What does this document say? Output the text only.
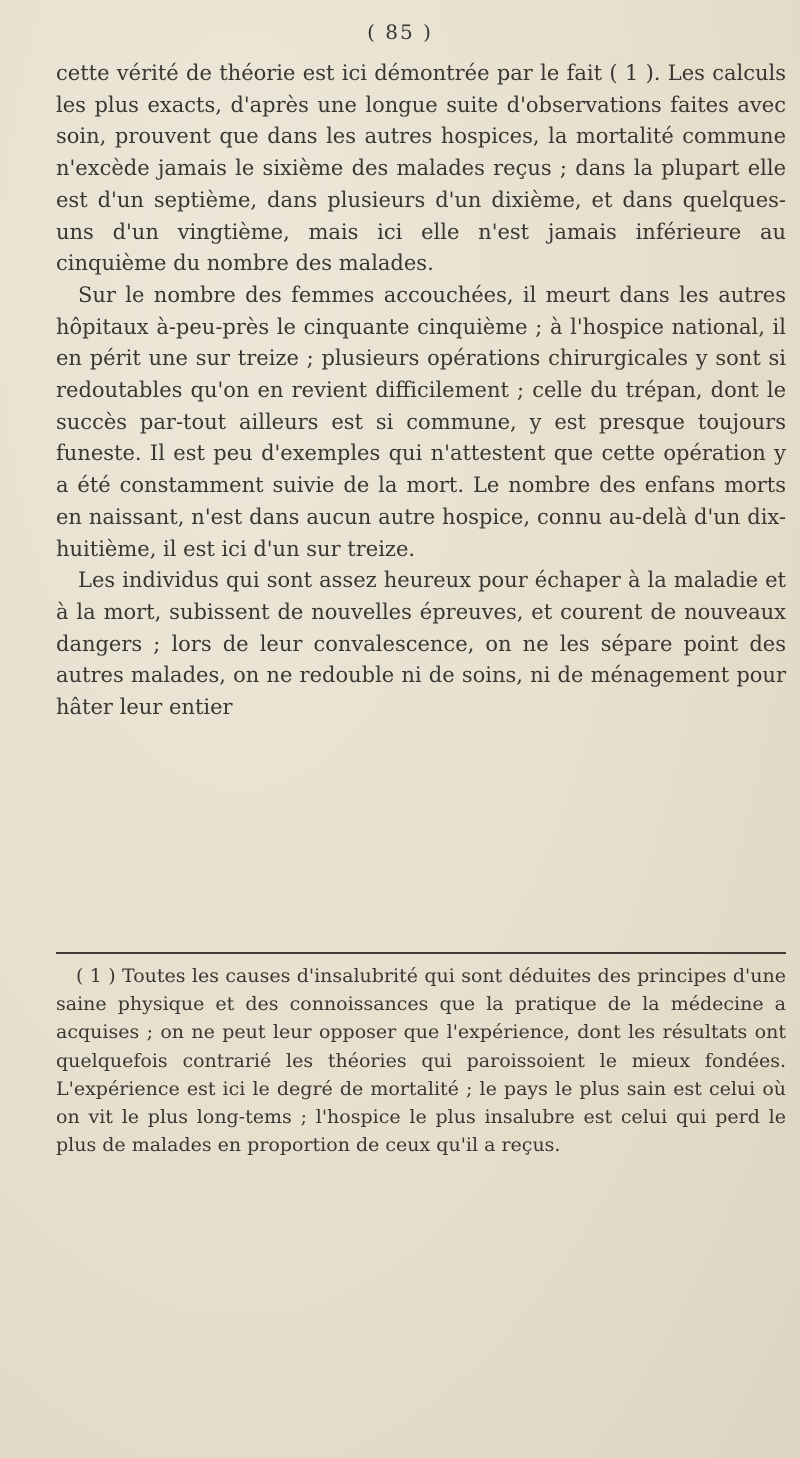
( 85 )

cette vérité de théorie est ici démontrée par le fait ( 1 ). Les calculs les plus exacts, d'après une longue suite d'observations faites avec soin, prouvent que dans les autres hospices, la mortalité commune n'excède jamais le sixième des malades reçus ; dans la plupart elle est d'un septième, dans plusieurs d'un dixième, et dans quelques-uns d'un vingtième, mais ici elle n'est jamais inférieure au cinquième du nombre des malades.

Sur le nombre des femmes accouchées, il meurt dans les autres hôpitaux à-peu-près le cinquante cinquième ; à l'hospice national, il en périt une sur treize ; plusieurs opérations chirurgicales y sont si redoutables qu'on en revient difficilement ; celle du trépan, dont le succès par-tout ailleurs est si commune, y est presque toujours funeste. Il est peu d'exemples qui n'attestent que cette opération y a été constamment suivie de la mort. Le nombre des enfans morts en naissant, n'est dans aucun autre hospice, connu au-delà d'un dix-huitième, il est ici d'un sur treize.

Les individus qui sont assez heureux pour échaper à la maladie et à la mort, subissent de nouvelles épreuves, et courent de nouveaux dangers ; lors de leur convalescence, on ne les sépare point des autres malades, on ne redouble ni de soins, ni de ménagement pour hâter leur entier

( 1 ) Toutes les causes d'insalubrité qui sont déduites des principes d'une saine physique et des connoissances que la pratique de la médecine a acquises ; on ne peut leur opposer que l'expérience, dont les résultats ont quelquefois contrarié les théories qui paroissoient le mieux fondées. L'expérience est ici le degré de mortalité ; le pays le plus sain est celui où on vit le plus long-tems ; l'hospice le plus insalubre est celui qui perd le plus de malades en proportion de ceux qu'il a reçus.
